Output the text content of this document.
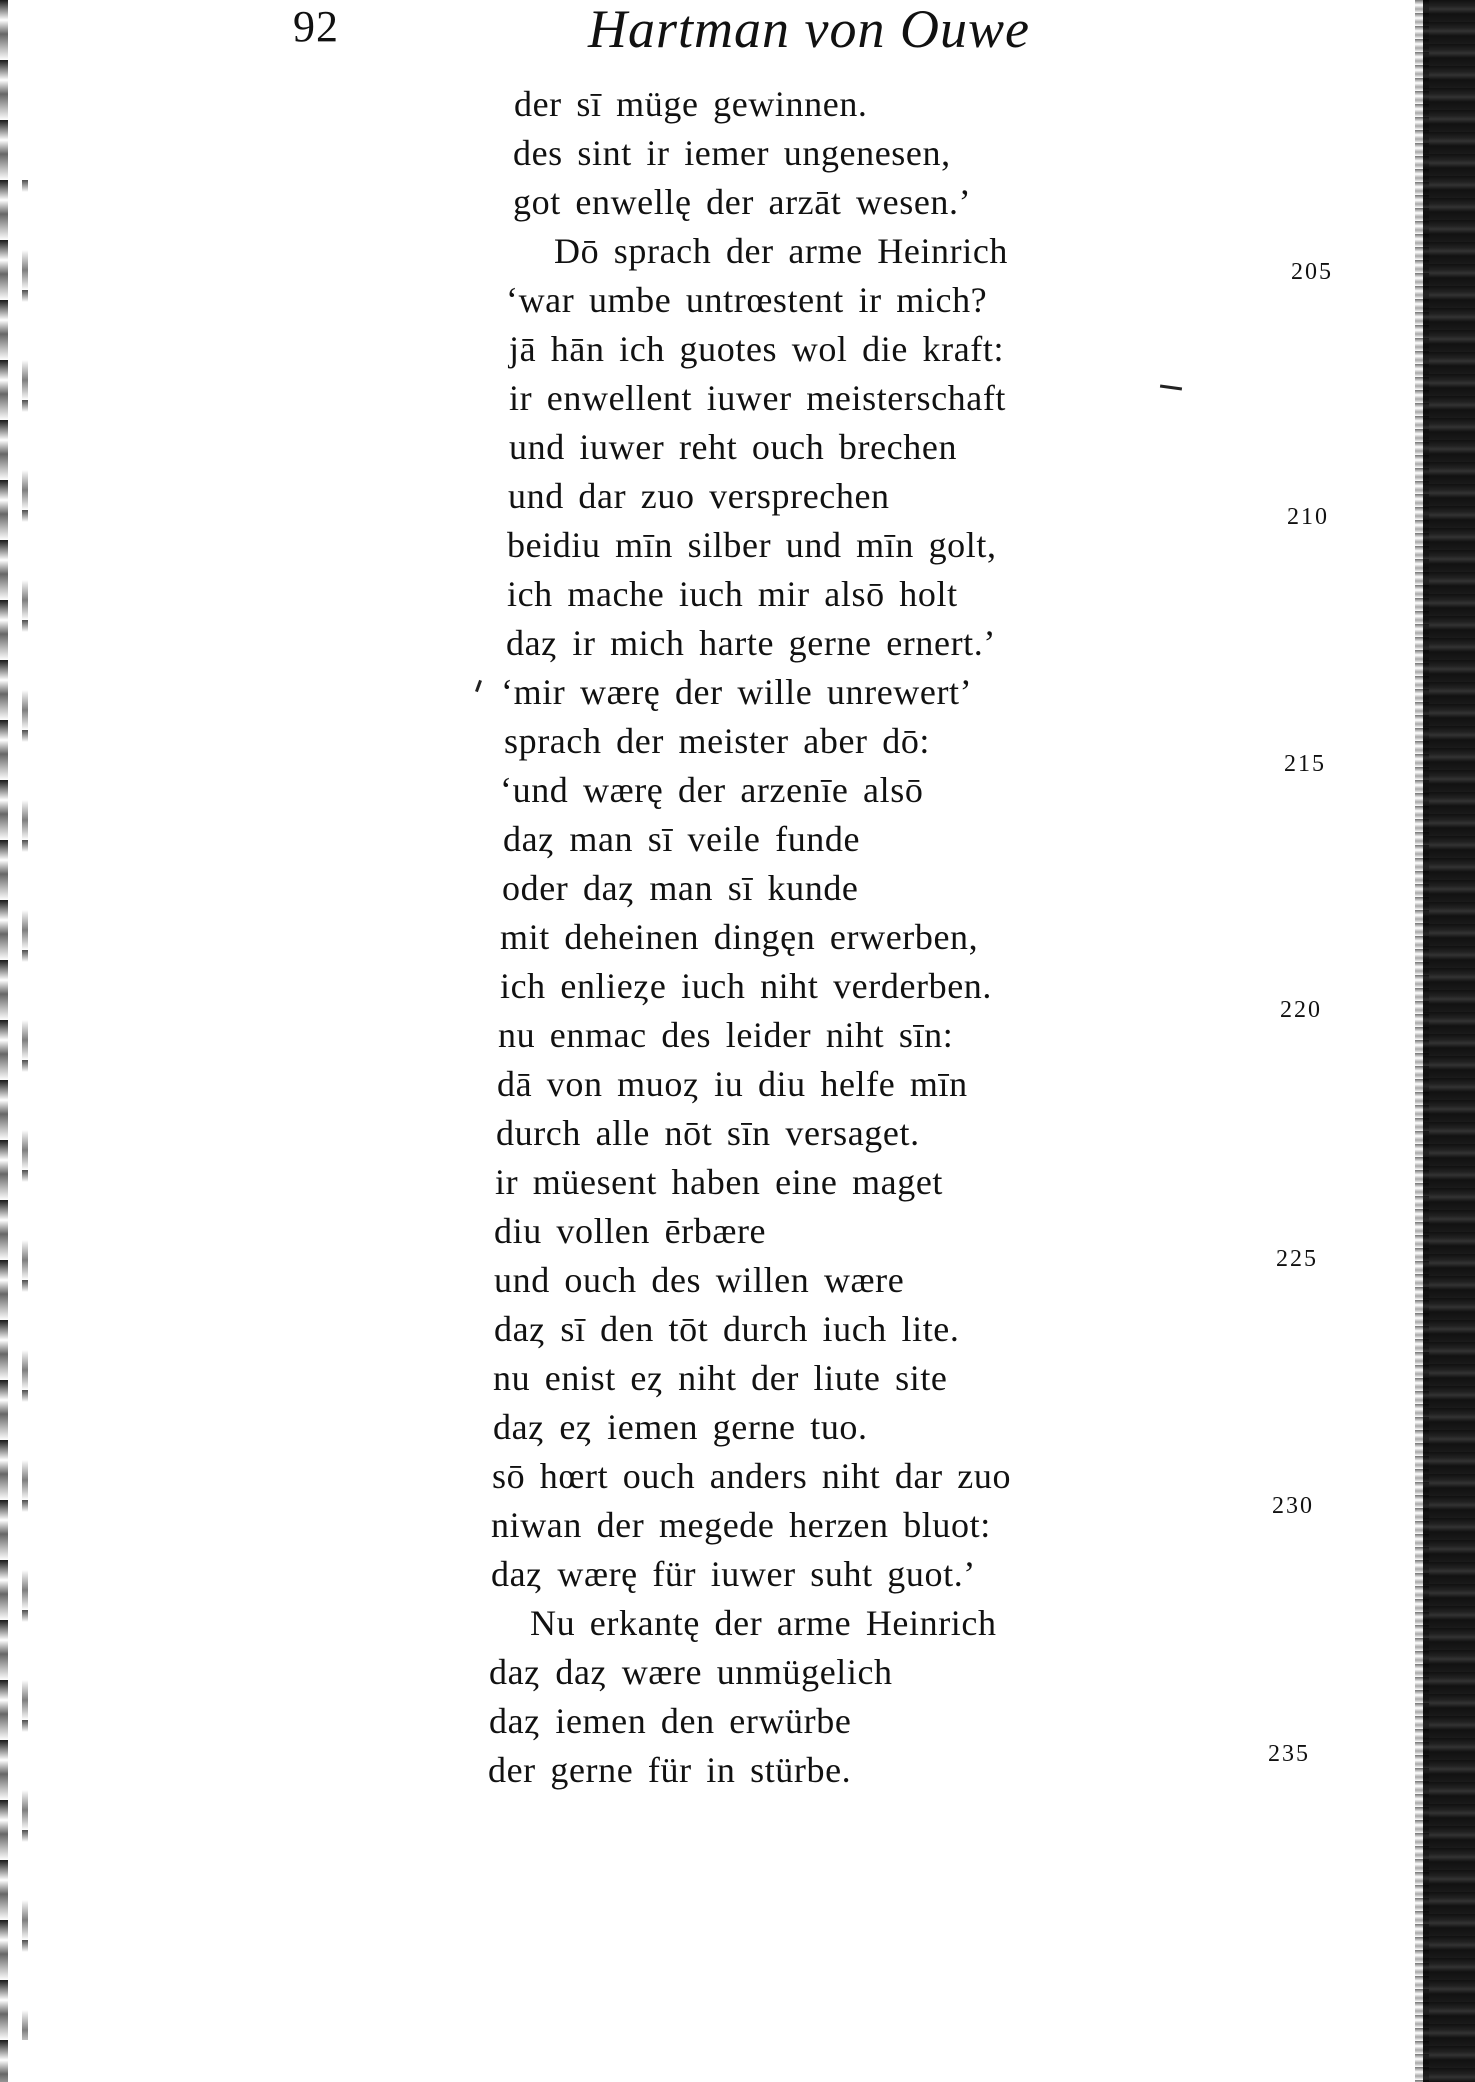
92	Hartman von Ouwe
der sī müge gewinnen.
des sint ir iemer ungenesen,
got enwellę der arzāt wesen.’
Dō sprach der arme Heinrich
‘war umbe untrœstent ir mich?
jā hān ich guotes wol die kraft:
ir enwellent iuwer meisterschaft
und iuwer reht ouch brechen
und dar zuo versprechen
beidiu mīn silber und mīn golt,
ich mache iuch mir alsō holt
daȥ ir mich harte gerne ernert.’
‘mir wærę der wille unrewert’
sprach der meister aber dō:
‘und wærę der arzenīe alsō
daȥ man sī veile funde
oder daȥ man sī kunde
mit deheinen dingęn erwerben,
ich enlieȥe iuch niht verderben.
nu enmac des leider niht sīn:
dā von muoȥ iu diu helfe mīn
durch alle nōt sīn versaget.
ir müesent haben eine maget
diu vollen ērbære
und ouch des willen wære
daȥ sī den tōt durch iuch lite.
nu enist eȥ niht der liute site
daȥ eȥ iemen gerne tuo.
sō hœrt ouch anders niht dar zuo
niwan der megede herzen bluot:
daȥ wærę für iuwer suht guot.’
Nu erkantę der arme Heinrich
daȥ daȥ wære unmügelich
daȥ iemen den erwürbe
der gerne für in stürbe.
205
210
215
220
225
230
235
